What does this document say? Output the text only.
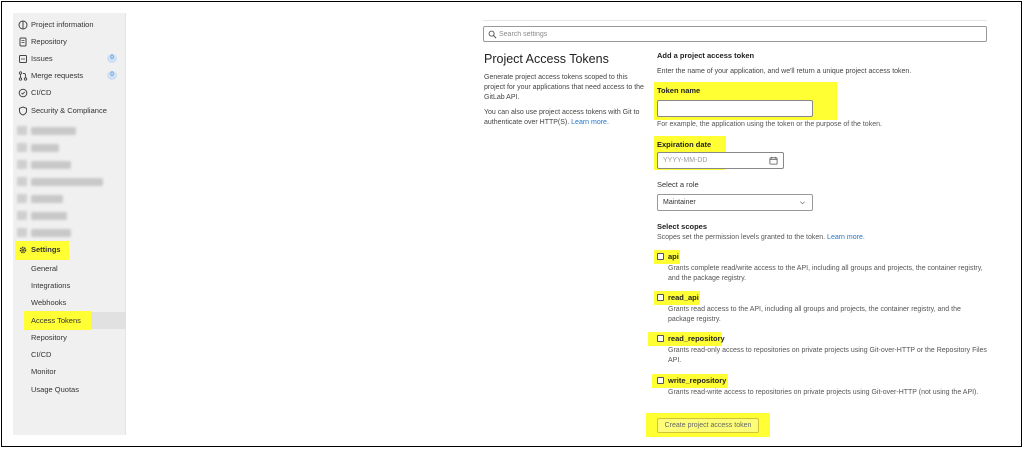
Project information
Repository
Issues	0
Merge requests	0
CI/CD
Security & Compliance
Settings
General
Integrations
Webhooks
Access Tokens
Repository
CI/CD
Monitor
Usage Quotas
Search settings
Project Access Tokens
Generate project access tokens scoped to this project for your applications that need access to the GitLab API.
You can also use project access tokens with Git to authenticate over HTTP(S). Learn more.
Add a project access token
Enter the name of your application, and we'll return a unique project access token.
Token name
For example, the application using the token or the purpose of the token.
Expiration date
YYYY-MM-DD
Select a role
Maintainer
Select scopes
Scopes set the permission levels granted to the token. Learn more.
api
Grants complete read/write access to the API, including all groups and projects, the container registry, and the package registry.
read_api
Grants read access to the API, including all groups and projects, the container registry, and the package registry.
read_repository
Grants read-only access to repositories on private projects using Git-over-HTTP or the Repository Files API.
write_repository
Grants read-write access to repositories on private projects using Git-over-HTTP (not using the API).
Create project access token
